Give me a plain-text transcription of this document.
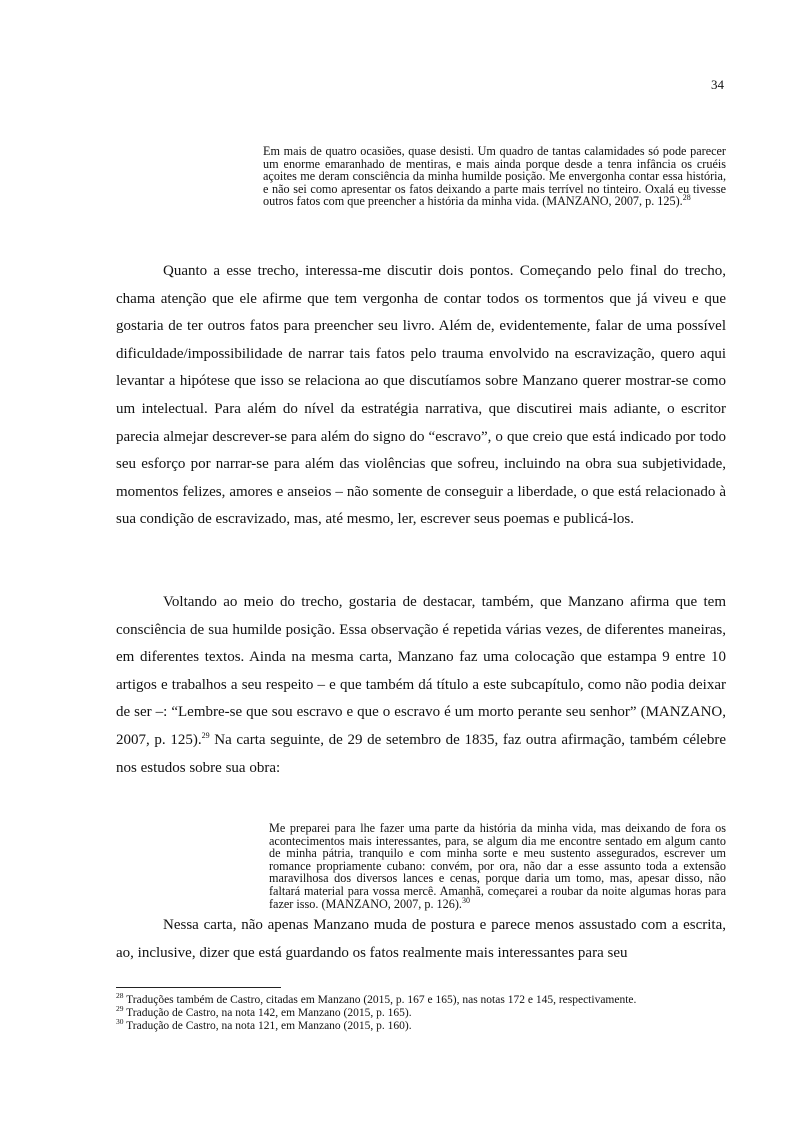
34
Em mais de quatro ocasiões, quase desisti. Um quadro de tantas calamidades só pode parecer um enorme emaranhado de mentiras, e mais ainda porque desde a tenra infância os cruéis açoites me deram consciência da minha humilde posição. Me envergonha contar essa história, e não sei como apresentar os fatos deixando a parte mais terrível no tinteiro. Oxalá eu tivesse outros fatos com que preencher a história da minha vida. (MANZANO, 2007, p. 125).$^{28}$

Quanto a esse trecho, interessa-me discutir dois pontos. Começando pelo final do trecho, chama atenção que ele afirme que tem vergonha de contar todos os tormentos que já viveu e que gostaria de ter outros fatos para preencher seu livro. Além de, evidentemente, falar de uma possível dificuldade/impossibilidade de narrar tais fatos pelo trauma envolvido na escravização, quero aqui levantar a hipótese que isso se relaciona ao que discutíamos sobre Manzano querer mostrar-se como um intelectual. Para além do nível da estratégia narrativa, que discutirei mais adiante, o escritor parecia almejar descrever-se para além do signo do “escravo”, o que creio que está indicado por todo seu esforço por narrar-se para além das violências que sofreu, incluindo na obra sua subjetividade, momentos felizes, amores e anseios – não somente de conseguir a liberdade, o que está relacionado à sua condição de escravizado, mas, até mesmo, ler, escrever seus poemas e publicá-los.

Voltando ao meio do trecho, gostaria de destacar, também, que Manzano afirma que tem consciência de sua humilde posição. Essa observação é repetida várias vezes, de diferentes maneiras, em diferentes textos. Ainda na mesma carta, Manzano faz uma colocação que estampa 9 entre 10 artigos e trabalhos a seu respeito – e que também dá título a este subcapítulo, como não podia deixar de ser –: “Lembre-se que sou escravo e que o escravo é um morto perante seu senhor” (MANZANO, 2007, p. 125).$^{29}$ Na carta seguinte, de 29 de setembro de 1835, faz outra afirmação, também célebre nos estudos sobre sua obra:

Me preparei para lhe fazer uma parte da história da minha vida, mas deixando de fora os acontecimentos mais interessantes, para, se algum dia me encontre sentado em algum canto de minha pátria, tranquilo e com minha sorte e meu sustento assegurados, escrever um romance propriamente cubano: convém, por ora, não dar a esse assunto toda a extensão maravilhosa dos diversos lances e cenas, porque daria um tomo, mas, apesar disso, não faltará material para vossa mercê. Amanhã, começarei a roubar da noite algumas horas para fazer isso. (MANZANO, 2007, p. 126).$^{30}$

Nessa carta, não apenas Manzano muda de postura e parece menos assustado com a escrita, ao, inclusive, dizer que está guardando os fatos realmente mais interessantes para seu

$^{28}$ Traduções também de Castro, citadas em Manzano (2015, p. 167 e 165), nas notas 172 e 145, respectivamente.
$^{29}$ Tradução de Castro, na nota 142, em Manzano (2015, p. 165).
$^{30}$ Tradução de Castro, na nota 121, em Manzano (2015, p. 160).
